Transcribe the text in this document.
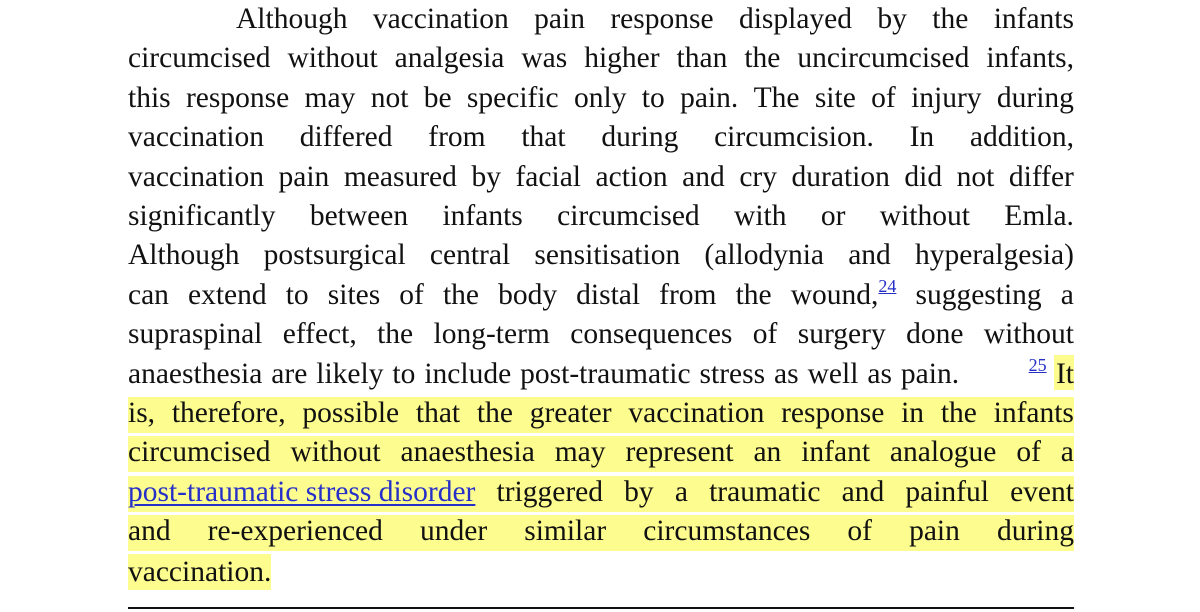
Although vaccination pain response displayed by the infants
circumcised without analgesia was higher than the uncircumcised infants,
this response may not be specific only to pain. The site of injury during
vaccination differed from that during circumcision. In addition,
vaccination pain measured by facial action and cry duration did not differ
significantly between infants circumcised with or without Emla.
Although postsurgical central sensitisation (allodynia and hyperalgesia)
can extend to sites of the body distal from the wound,$^{24}$ suggesting a
supraspinal effect, the long-term consequences of surgery done without
anaesthesia are likely to include post-traumatic stress as well as pain.	$^{25}$ It
is, therefore, possible that the greater vaccination response in the infants
circumcised without anaesthesia may represent an infant analogue of a
post-traumatic stress disorder triggered by a traumatic and painful event
and re-experienced under similar circumstances of pain during
vaccination.
